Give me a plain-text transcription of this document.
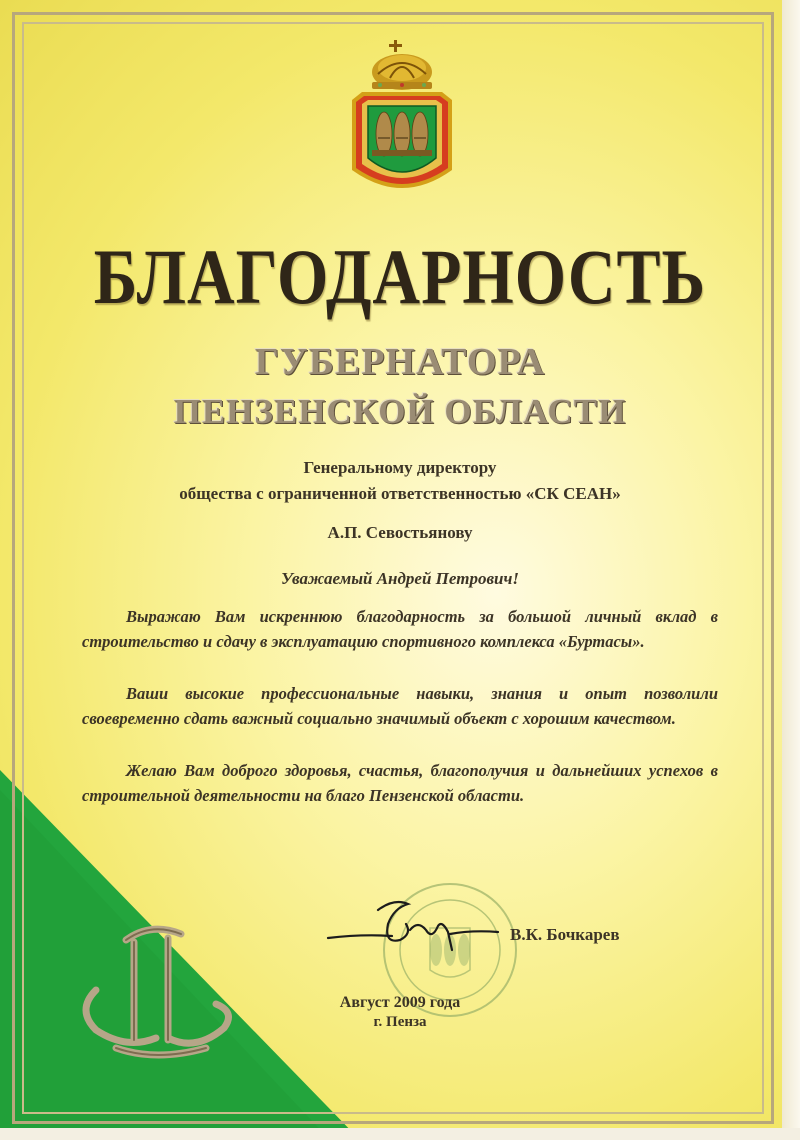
БЛАГОДАРНОСТЬ
ГУБЕРНАТОРА
ПЕНЗЕНСКОЙ ОБЛАСТИ
Генеральному директору
общества с ограниченной ответственностью «СК СЕАН»
А.П. Севостьянову
Уважаемый Андрей Петрович!
Выражаю Вам искреннюю благодарность за большой личный вклад в строительство и сдачу в эксплуатацию спортивного комплекса «Буртасы».
Ваши высокие профессиональные навыки, знания и опыт позволили своевременно сдать важный социально значимый объект с хорошим качеством.
Желаю Вам доброго здоровья, счастья, благополучия и дальнейших успехов в строительной деятельности на благо Пензенской области.
В.К. Бочкарев
Август 2009 года
г. Пенза
